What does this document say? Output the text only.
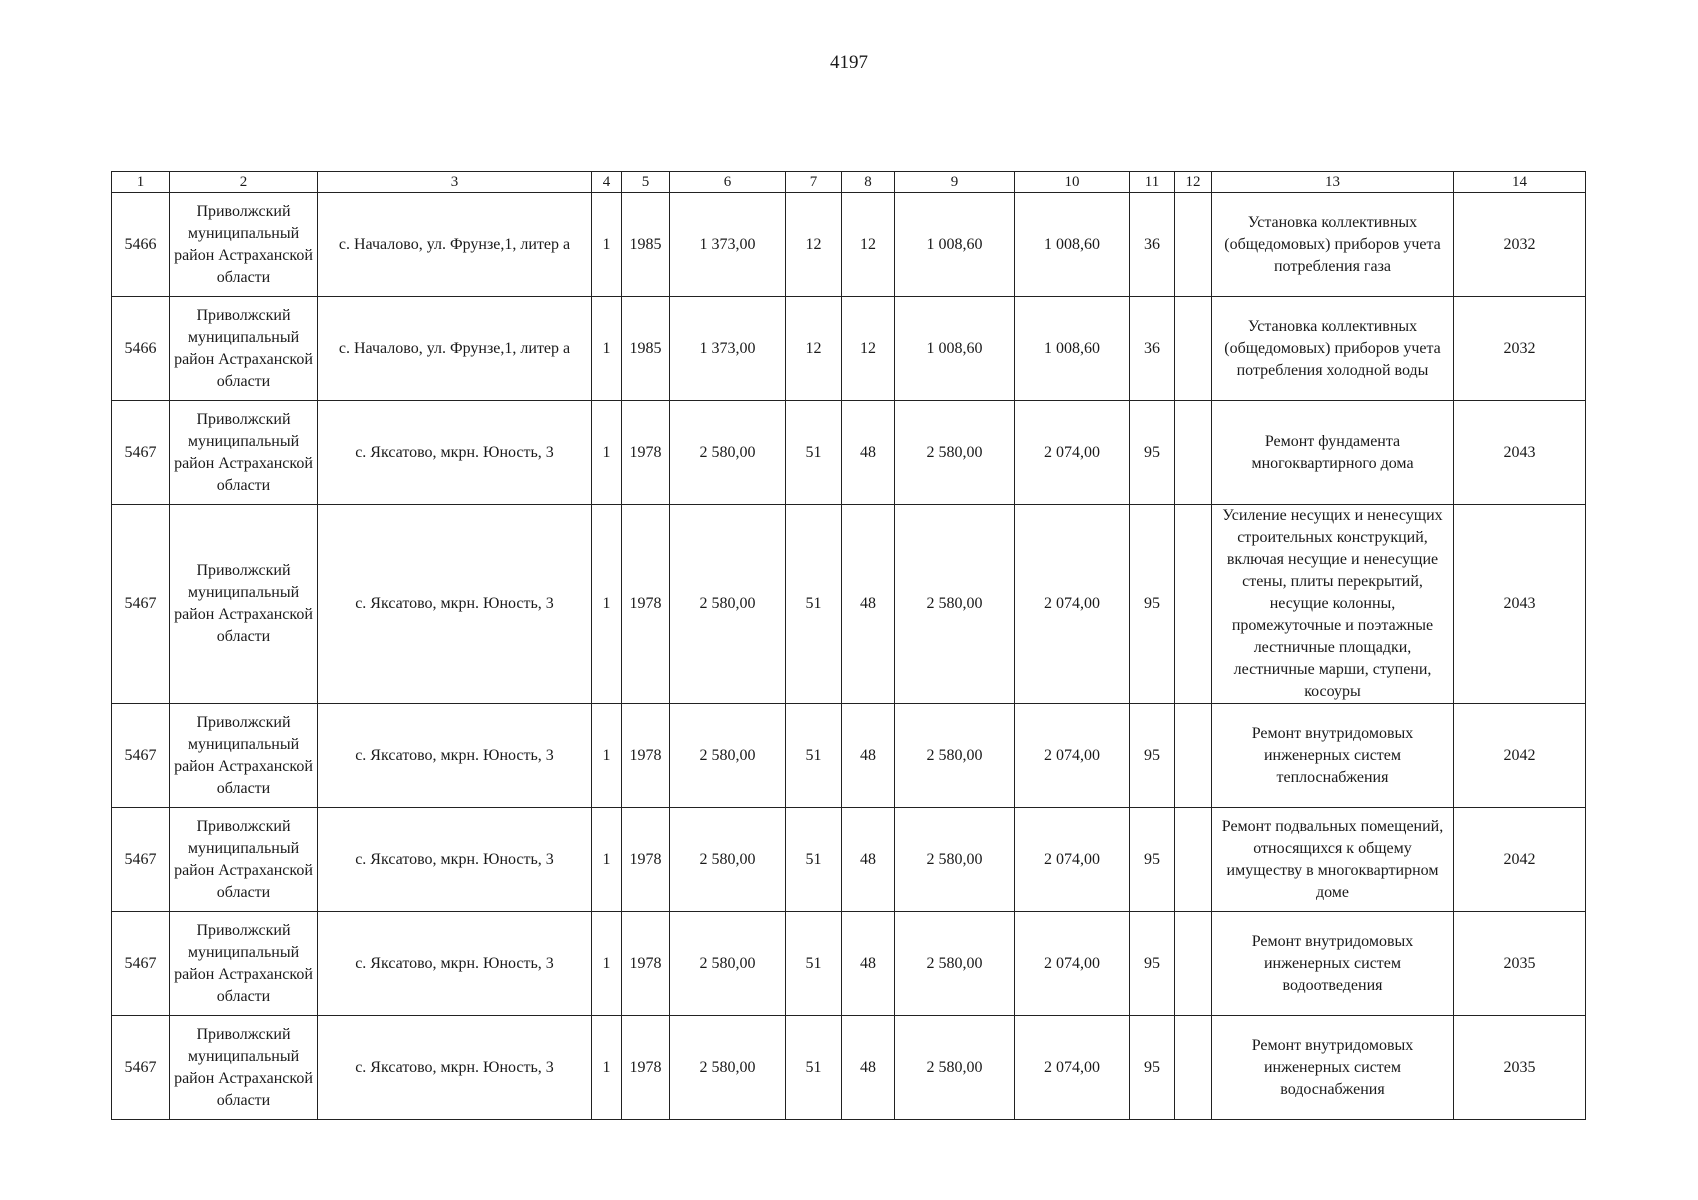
4197
1	2	3	4	5	6	7	8	9	10	11	12	13	14
5466	Приволжский муниципальный район Астраханской области	с. Началово, ул. Фрунзе,1, литер а	1	1985	1 373,00	12	12	1 008,60	1 008,60	36		Установка коллективных (общедомовых) приборов учета потребления газа	2032
5466	Приволжский муниципальный район Астраханской области	с. Началово, ул. Фрунзе,1, литер а	1	1985	1 373,00	12	12	1 008,60	1 008,60	36		Установка коллективных (общедомовых) приборов учета потребления холодной воды	2032
5467	Приволжский муниципальный район Астраханской области	с. Яксатово, мкрн. Юность, 3	1	1978	2 580,00	51	48	2 580,00	2 074,00	95		Ремонт фундамента многоквартирного дома	2043
5467	Приволжский муниципальный район Астраханской области	с. Яксатово, мкрн. Юность, 3	1	1978	2 580,00	51	48	2 580,00	2 074,00	95		Усиление несущих и ненесущих строительных конструкций, включая несущие и ненесущие стены, плиты перекрытий, несущие колонны, промежуточные и поэтажные лестничные площадки, лестничные марши, ступени, косоуры	2043
5467	Приволжский муниципальный район Астраханской области	с. Яксатово, мкрн. Юность, 3	1	1978	2 580,00	51	48	2 580,00	2 074,00	95		Ремонт внутридомовых инженерных систем теплоснабжения	2042
5467	Приволжский муниципальный район Астраханской области	с. Яксатово, мкрн. Юность, 3	1	1978	2 580,00	51	48	2 580,00	2 074,00	95		Ремонт подвальных помещений, относящихся к общему имуществу в многоквартирном доме	2042
5467	Приволжский муниципальный район Астраханской области	с. Яксатово, мкрн. Юность, 3	1	1978	2 580,00	51	48	2 580,00	2 074,00	95		Ремонт внутридомовых инженерных систем водоотведения	2035
5467	Приволжский муниципальный район Астраханской области	с. Яксатово, мкрн. Юность, 3	1	1978	2 580,00	51	48	2 580,00	2 074,00	95		Ремонт внутридомовых инженерных систем водоснабжения	2035
